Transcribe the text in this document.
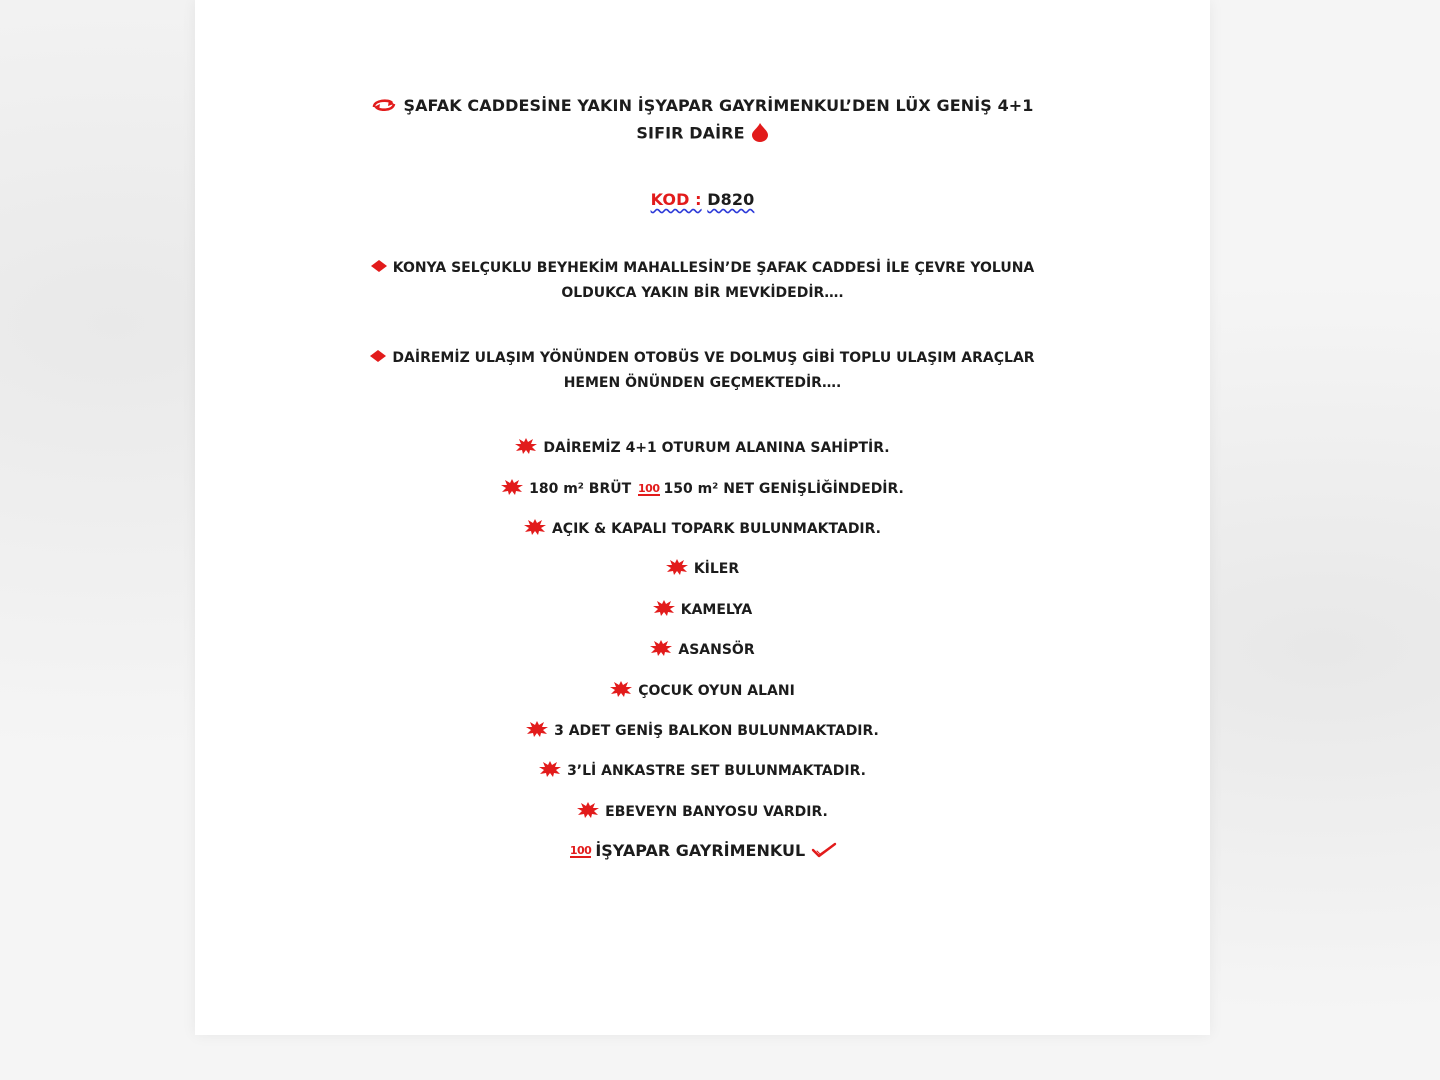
ŞAFAK CADDESİNE YAKIN İŞYAPAR GAYRİMENKUL’DEN LÜX GENİŞ 4+1
SIFIR DAİRE
KOD : D820
KONYA SELÇUKLU BEYHEKİM MAHALLESİN’DE ŞAFAK CADDESİ İLE ÇEVRE YOLUNA
OLDUKCA YAKIN BİR MEVKİDEDİR….
DAİREMİZ ULAŞIM YÖNÜNDEN OTOBÜS VE DOLMUŞ GİBİ TOPLU ULAŞIM ARAÇLAR
HEMEN ÖNÜNDEN GEÇMEKTEDİR….
DAİREMİZ 4+1 OTURUM ALANINA SAHİPTİR.
180 m² BRÜT 100 150 m² NET GENİŞLİĞİNDEDİR.
AÇIK & KAPALI TOPARK BULUNMAKTADIR.
KİLER
KAMELYA
ASANSÖR
ÇOCUK OYUN ALANI
3 ADET GENİŞ BALKON BULUNMAKTADIR.
3’Lİ ANKASTRE SET BULUNMAKTADIR.
EBEVEYN BANYOSU VARDIR.
100 İŞYAPAR GAYRİMENKUL
